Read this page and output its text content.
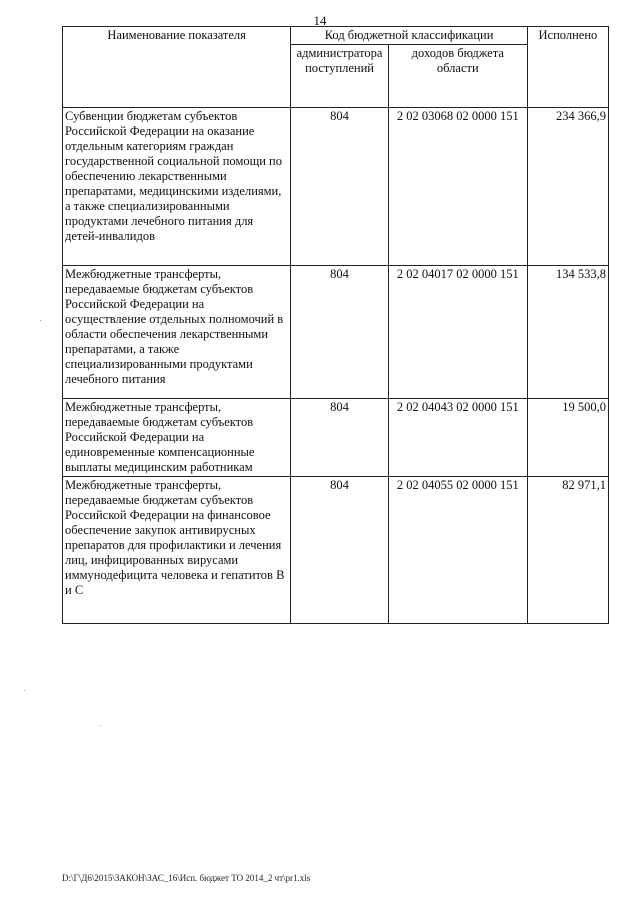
14
Наименование показателя	Код бюджетной классификации		Исполнено
	администратора поступлений	доходов бюджета области	
Субвенции бюджетам субъектов Российской Федерации на оказание отдельным категориям граждан государственной социальной помощи по обеспечению лекарственными препаратами, медицинскими изделиями, а также специализированными продуктами лечебного питания для детей-инвалидов	804	2 02 03068 02 0000 151	234 366,9
Межбюджетные трансферты, передаваемые бюджетам субъектов Российской Федерации на осуществление отдельных полномочий в области обеспечения лекарственными препаратами, а также специализированными продуктами лечебного питания	804	2 02 04017 02 0000 151	134 533,8
Межбюджетные трансферты, передаваемые бюджетам субъектов Российской Федерации на единовременные компенсационные выплаты медицинским работникам	804	2 02 04043 02 0000 151	19 500,0
Межбюджетные трансферты, передаваемые бюджетам субъектов Российской Федерации на финансовое обеспечение закупок антивирусных препаратов для профилактики и лечения лиц, инфицированных вирусами иммунодефицита человека и гепатитов В и С	804	2 02 04055 02 0000 151	82 971,1
D:\Г\Д6\2015\ЗАКОН\ЗАС_16\Исп. бюджет ТО 2014_2 чт\pr1.xls
